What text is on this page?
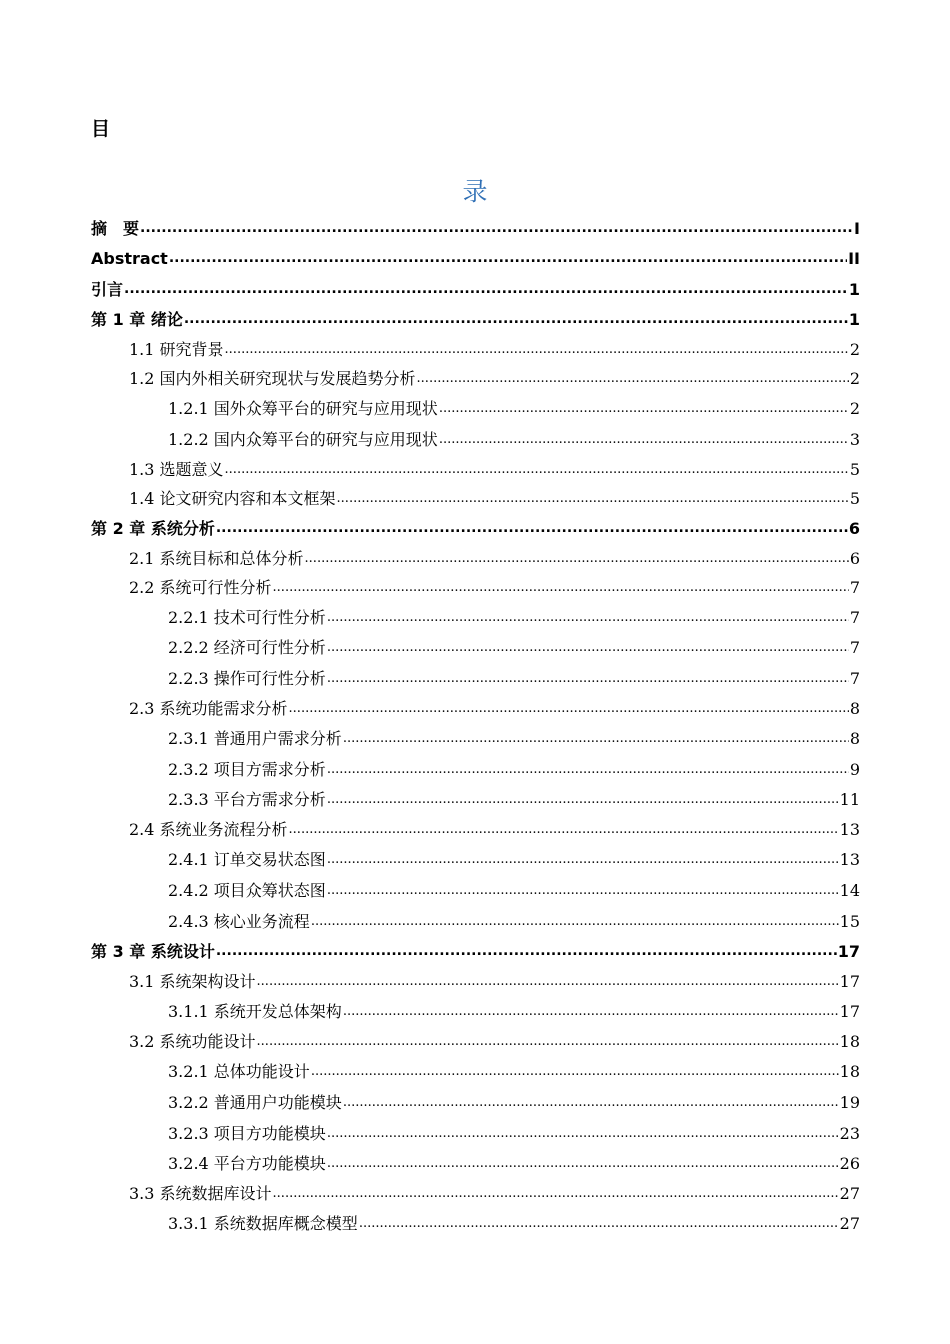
目
录
摘　要 .....	I
Abstract .....	II
引言 .....	1
第 1 章 绪论 .....	1
1.1 研究背景 .....	2
1.2 国内外相关研究现状与发展趋势分析 .....	2
1.2.1 国外众筹平台的研究与应用现状 .....	2
1.2.2 国内众筹平台的研究与应用现状 .....	3
1.3 选题意义 .....	5
1.4 论文研究内容和本文框架 .....	5
第 2 章 系统分析 .....	6
2.1 系统目标和总体分析 .....	6
2.2 系统可行性分析 .....	7
2.2.1 技术可行性分析 .....	7
2.2.2 经济可行性分析 .....	7
2.2.3 操作可行性分析 .....	7
2.3 系统功能需求分析 .....	8
2.3.1 普通用户需求分析 .....	8
2.3.2 项目方需求分析 .....	9
2.3.3 平台方需求分析 .....	11
2.4 系统业务流程分析 .....	13
2.4.1 订单交易状态图 .....	13
2.4.2 项目众筹状态图 .....	14
2.4.3 核心业务流程 .....	15
第 3 章 系统设计 .....	17
3.1 系统架构设计 .....	17
3.1.1 系统开发总体架构 .....	17
3.2 系统功能设计 .....	18
3.2.1 总体功能设计 .....	18
3.2.2 普通用户功能模块 .....	19
3.2.3 项目方功能模块 .....	23
3.2.4 平台方功能模块 .....	26
3.3 系统数据库设计 .....	27
3.3.1 系统数据库概念模型 .....	27
